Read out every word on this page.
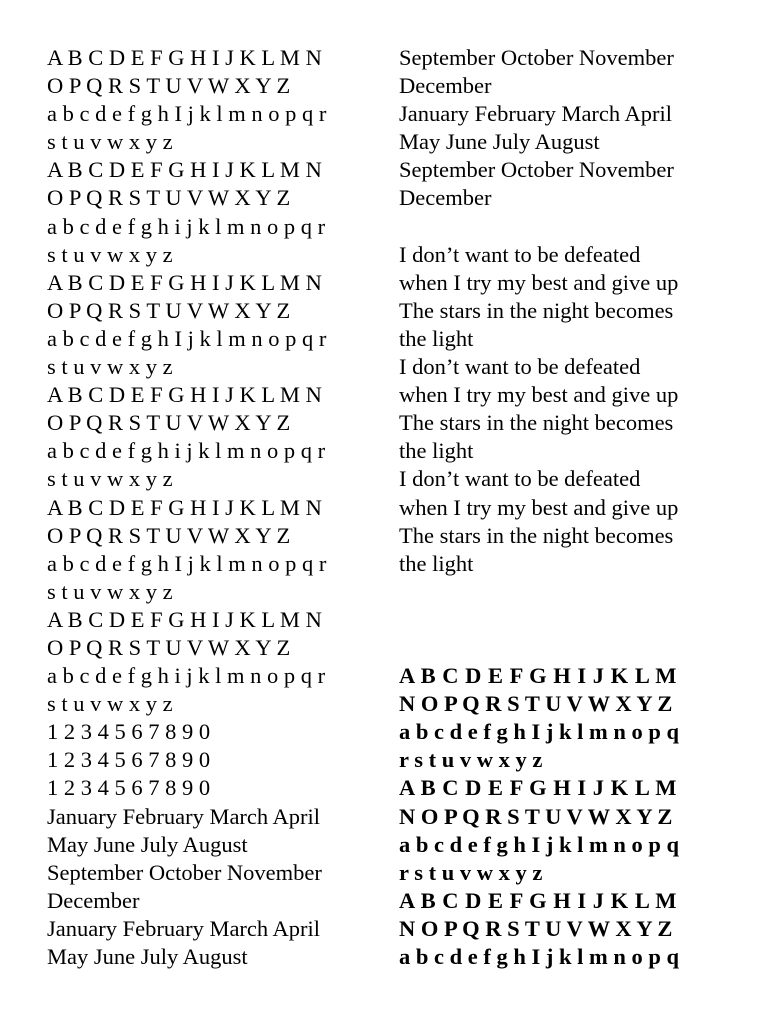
A B C D E F G H I J K L M N
O P Q R S T U V W X Y Z
a b c d e f g h I j k l m n o p q r
s t u v w x y z
A B C D E F G H I J K L M N
O P Q R S T U V W X Y Z
a b c d e f g h i j k l m n o p q r
s t u v w x y z
A B C D E F G H I J K L M N
O P Q R S T U V W X Y Z
a b c d e f g h I j k l m n o p q r
s t u v w x y z
A B C D E F G H I J K L M N
O P Q R S T U V W X Y Z
a b c d e f g h i j k l m n o p q r
s t u v w x y z
A B C D E F G H I J K L M N
O P Q R S T U V W X Y Z
a b c d e f g h I j k l m n o p q r
s t u v w x y z
A B C D E F G H I J K L M N
O P Q R S T U V W X Y Z
a b c d e f g h i j k l m n o p q r
s t u v w x y z
1 2 3 4 5 6 7 8 9 0
1 2 3 4 5 6 7 8 9 0
1 2 3 4 5 6 7 8 9 0
January February March April
May June July August
September October November
December
January February March April
May June July August
September October November
December
January February March April
May June July August
September October November
December
I don’t want to be defeated
when I try my best and give up
The stars in the night becomes
the light
I don’t want to be defeated
when I try my best and give up
The stars in the night becomes
the light
I don’t want to be defeated
when I try my best and give up
The stars in the night becomes
the light
A B C D E F G H I J K L M
N O P Q R S T U V W X Y Z
a b c d e f g h I j k l m n o p q
r s t u v w x y z
A B C D E F G H I J K L M
N O P Q R S T U V W X Y Z
a b c d e f g h I j k l m n o p q
r s t u v w x y z
A B C D E F G H I J K L M
N O P Q R S T U V W X Y Z
a b c d e f g h I j k l m n o p q
